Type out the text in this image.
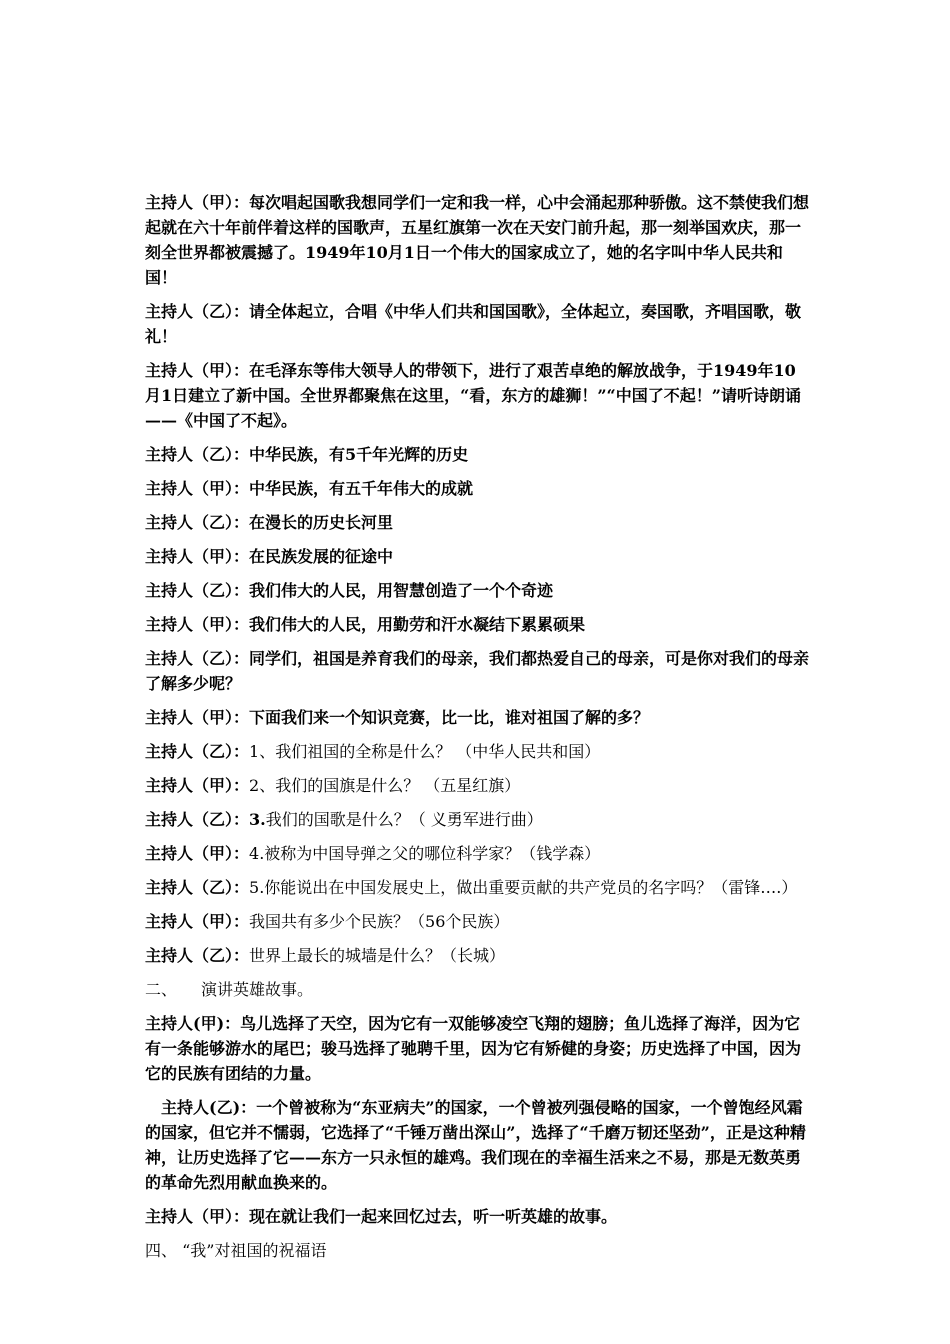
主持人（甲）：每次唱起国歌我想同学们一定和我一样，心中会涌起那种骄傲。这不禁使我们想起就在六十年前伴着这样的国歌声，五星红旗第一次在天安门前升起，那一刻举国欢庆，那一刻全世界都被震撼了。1949年10月1日一个伟大的国家成立了，她的名字叫中华人民共和国！
主持人（乙）：请全体起立，合唱《中华人们共和国国歌》，全体起立，奏国歌，齐唱国歌，敬礼！
主持人（甲）：在毛泽东等伟大领导人的带领下，进行了艰苦卓绝的解放战争，于1949年10月1日建立了新中国。全世界都聚焦在这里，“看，东方的雄狮！”“中国了不起！”请听诗朗诵——《中国了不起》。
主持人（乙）：中华民族，有5千年光辉的历史
主持人（甲）：中华民族，有五千年伟大的成就
主持人（乙）：在漫长的历史长河里
主持人（甲）：在民族发展的征途中
主持人（乙）：我们伟大的人民，用智慧创造了一个个奇迹
主持人（甲）：我们伟大的人民，用勤劳和汗水凝结下累累硕果
主持人（乙）：同学们，祖国是养育我们的母亲，我们都热爱自己的母亲，可是你对我们的母亲了解多少呢？
主持人（甲）：下面我们来一个知识竞赛，比一比，谁对祖国了解的多？
主持人（乙）：1、我们祖国的全称是什么？ （中华人民共和国）
主持人（甲）：2、我们的国旗是什么？ （五星红旗）
主持人（乙）：3.我们的国歌是什么？（ 义勇军进行曲）
主持人（甲）：4.被称为中国导弹之父的哪位科学家？（钱学森）
主持人（乙）：5.你能说出在中国发展史上，做出重要贡献的共产党员的名字吗？（雷锋….）
主持人（甲）：我国共有多少个民族？（56个民族）
主持人（乙）：世界上最长的城墙是什么？（长城）
二、　　演讲英雄故事。
主持人(甲)：鸟儿选择了天空，因为它有一双能够凌空飞翔的翅膀；鱼儿选择了海洋，因为它有一条能够游水的尾巴；骏马选择了驰聘千里，因为它有矫健的身姿；历史选择了中国，因为它的民族有团结的力量。
主持人(乙)：一个曾被称为“东亚病夫”的国家，一个曾被列强侵略的国家，一个曾饱经风霜的国家，但它并不懦弱，它选择了“千锤万凿出深山”，选择了“千磨万韧还坚劲”，正是这种精神，让历史选择了它——东方一只永恒的雄鸡。我们现在的幸福生活来之不易，那是无数英勇的革命先烈用献血换来的。
主持人（甲）：现在就让我们一起来回忆过去，听一听英雄的故事。
四、 “我”对祖国的祝福语
